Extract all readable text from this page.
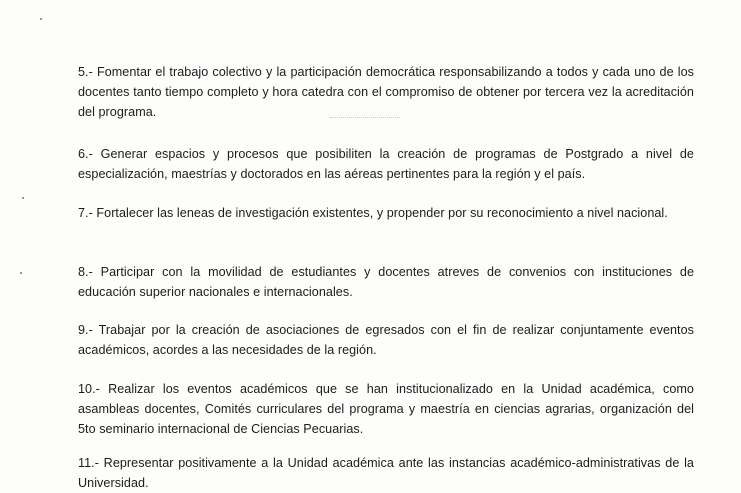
5.- Fomentar el trabajo colectivo y la participación democrática responsabilizando a todos y cada uno de los docentes tanto tiempo completo y hora catedra con el compromiso de obtener por tercera vez la acreditación del programa.

6.- Generar espacios y procesos que posibiliten la creación de programas de Postgrado a nivel de especialización, maestrías y doctorados en las aéreas pertinentes para la región y el país.

7.- Fortalecer las leneas de investigación existentes, y propender por su reconocimiento a nivel nacional.

8.- Participar con la movilidad de estudiantes y docentes atreves de convenios con instituciones de educación superior nacionales e internacionales.

9.- Trabajar por la creación de asociaciones de egresados con el fin de realizar conjuntamente eventos académicos, acordes a las necesidades de la región.

10.- Realizar los eventos académicos que se han institucionalizado en la Unidad académica, como asambleas docentes, Comités curriculares del programa y maestría en ciencias agrarias, organización del 5to seminario internacional de Ciencias Pecuarias.

11.- Representar positivamente a la Unidad académica ante las instancias académico-administrativas de la Universidad.
